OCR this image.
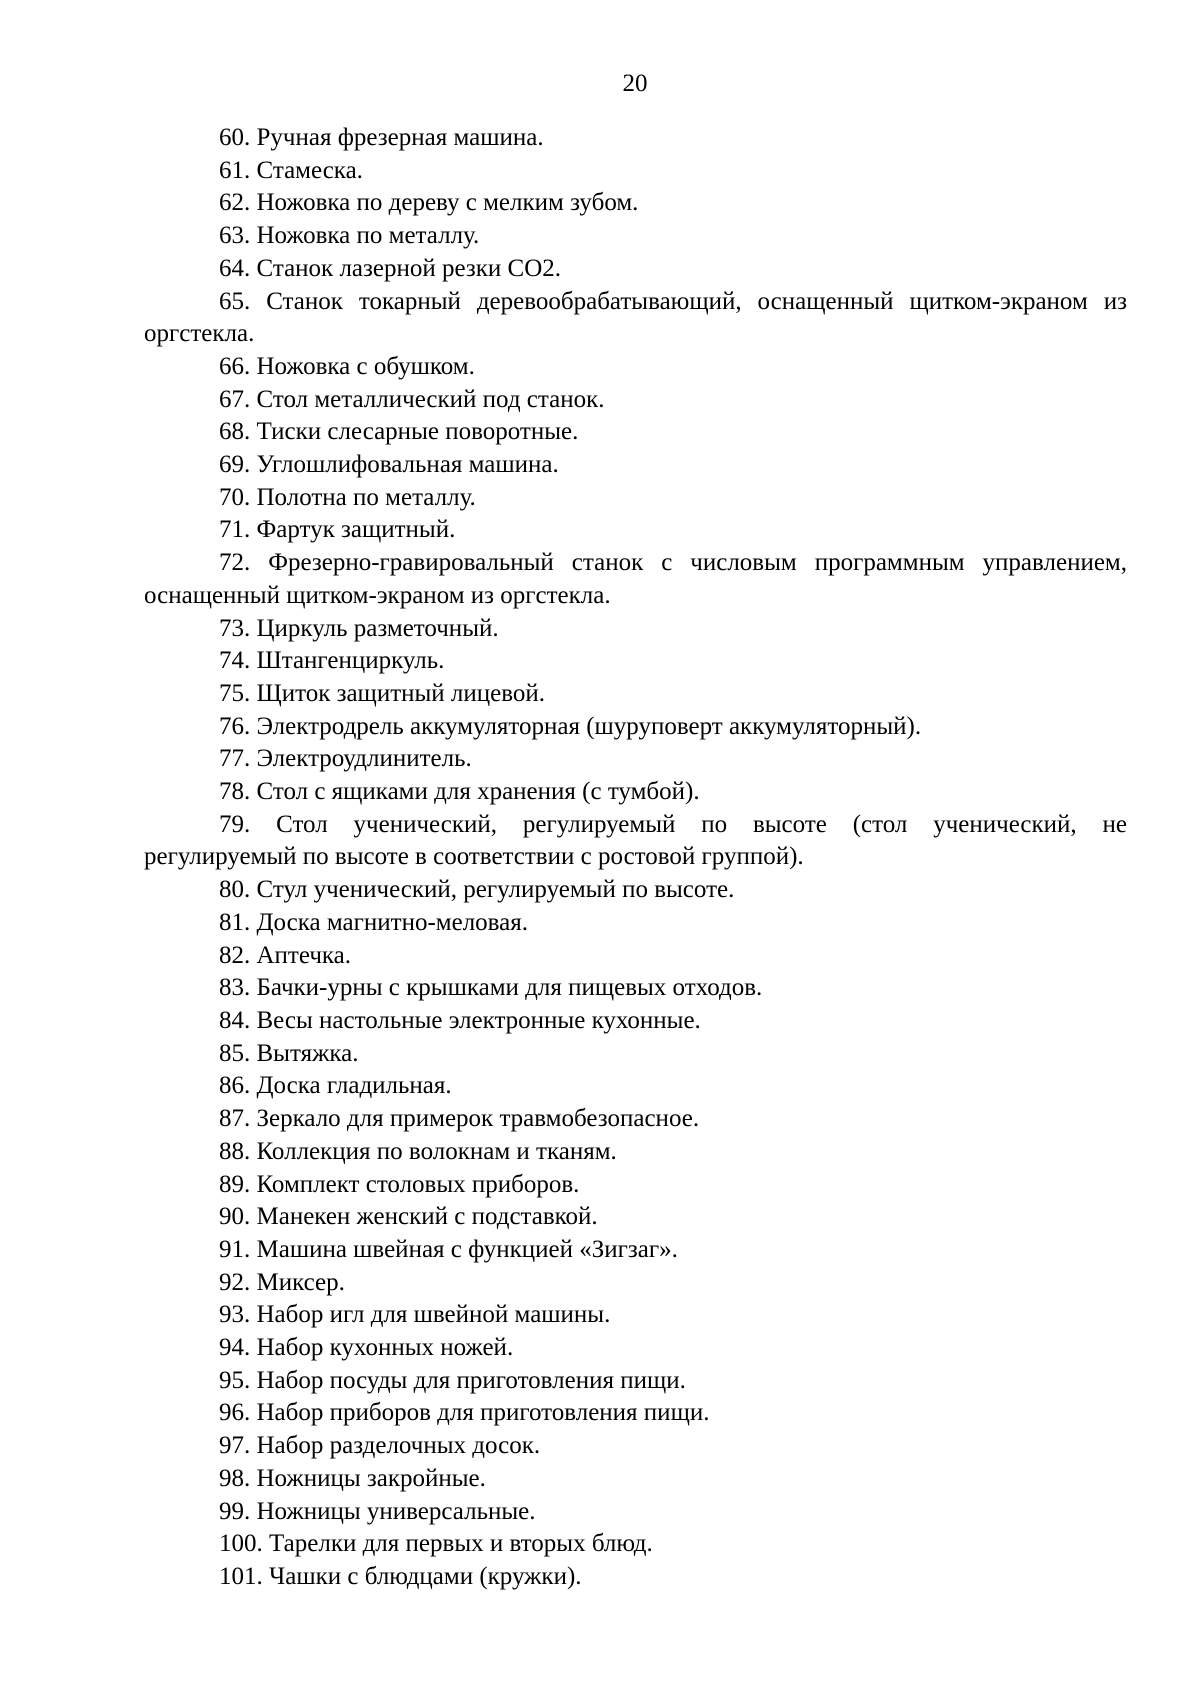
20

60. Ручная фрезерная машина.

61. Стамеска.

62. Ножовка по дереву с мелким зубом.

63. Ножовка по металлу.

64. Станок лазерной резки CO2.

65. Станок токарный деревообрабатывающий, оснащенный щитком-экраном из оргстекла.

66. Ножовка с обушком.

67. Стол металлический под станок.

68. Тиски слесарные поворотные.

69. Углошлифовальная машина.

70. Полотна по металлу.

71. Фартук защитный.

72. Фрезерно-гравировальный станок с числовым программным управлением, оснащенный щитком-экраном из оргстекла.

73. Циркуль разметочный.

74. Штангенциркуль.

75. Щиток защитный лицевой.

76. Электродрель аккумуляторная (шуруповерт аккумуляторный).

77. Электроудлинитель.

78. Стол с ящиками для хранения (с тумбой).

79. Стол ученический, регулируемый по высоте (стол ученический, не регулируемый по высоте в соответствии с ростовой группой).

80. Стул ученический, регулируемый по высоте.

81. Доска магнитно-меловая.

82. Аптечка.

83. Бачки-урны с крышками для пищевых отходов.

84. Весы настольные электронные кухонные.

85. Вытяжка.

86. Доска гладильная.

87. Зеркало для примерок травмобезопасное.

88. Коллекция по волокнам и тканям.

89. Комплект столовых приборов.

90. Манекен женский с подставкой.

91. Машина швейная с функцией «Зигзаг».

92. Миксер.

93. Набор игл для швейной машины.

94. Набор кухонных ножей.

95. Набор посуды для приготовления пищи.

96. Набор приборов для приготовления пищи.

97. Набор разделочных досок.

98. Ножницы закройные.

99. Ножницы универсальные.

100. Тарелки для первых и вторых блюд.

101. Чашки с блюдцами (кружки).
